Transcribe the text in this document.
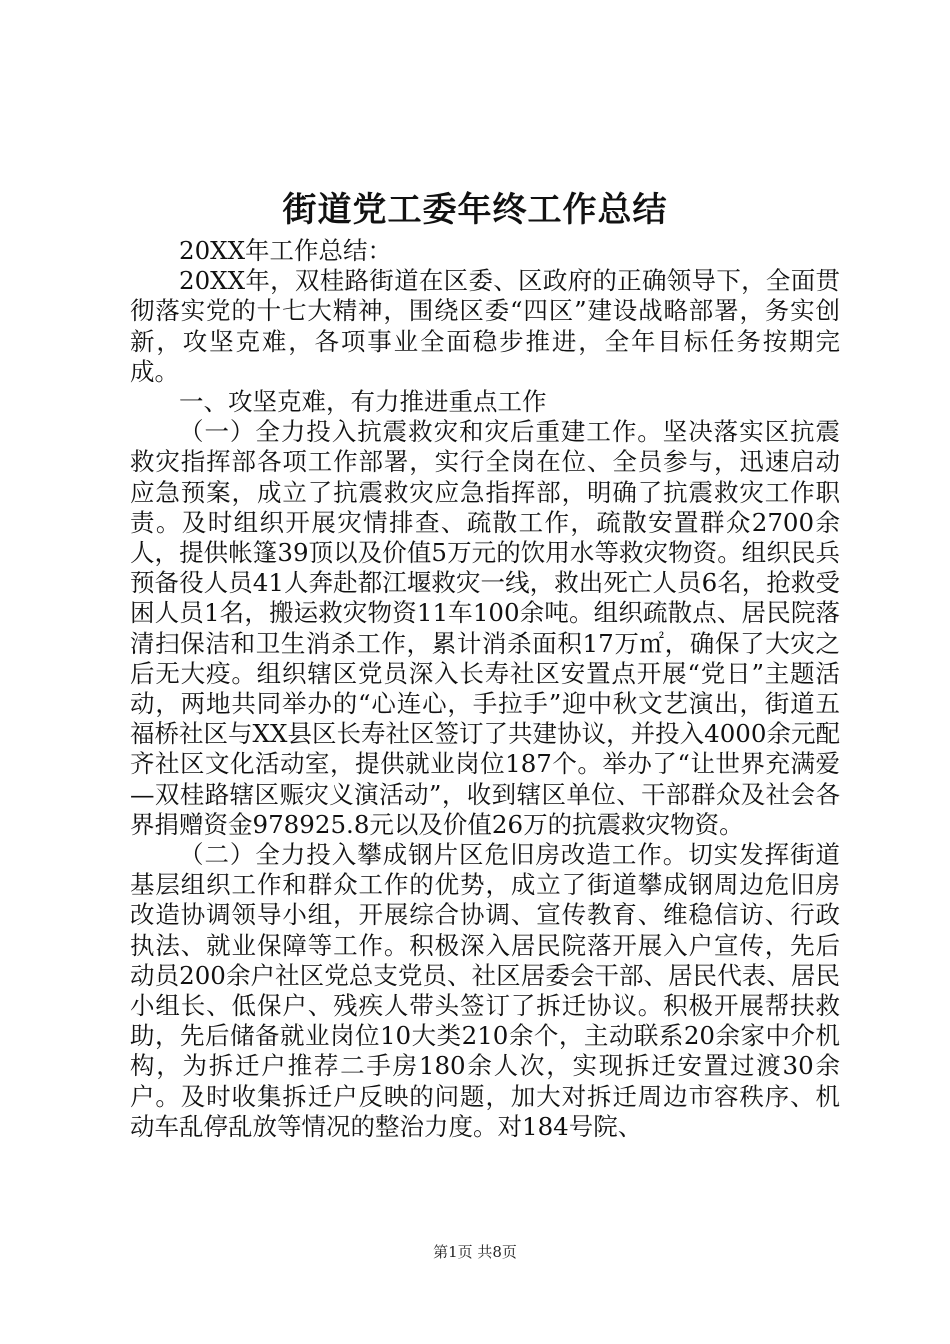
街道党工委年终工作总结

20XX年工作总结：

20XX年，双桂路街道在区委、区政府的正确领导下，全面贯彻落实党的十七大精神，围绕区委“四区”建设战略部署，务实创新，攻坚克难，各项事业全面稳步推进，全年目标任务按期完成。

一、攻坚克难，有力推进重点工作

（一）全力投入抗震救灾和灾后重建工作。坚决落实区抗震救灾指挥部各项工作部署，实行全岗在位、全员参与，迅速启动应急预案，成立了抗震救灾应急指挥部，明确了抗震救灾工作职责。及时组织开展灾情排查、疏散工作，疏散安置群众2700余人，提供帐篷39顶以及价值5万元的饮用水等救灾物资。组织民兵预备役人员41人奔赴都江堰救灾一线，救出死亡人员6名，抢救受困人员1名，搬运救灾物资11车100余吨。组织疏散点、居民院落清扫保洁和卫生消杀工作，累计消杀面积17万㎡，确保了大灾之后无大疫。组织辖区党员深入长寿社区安置点开展“党日”主题活动，两地共同举办的“心连心，手拉手”迎中秋文艺演出，街道五福桥社区与XX县区长寿社区签订了共建协议，并投入4000余元配齐社区文化活动室，提供就业岗位187个。举办了“让世界充满爱—双桂路辖区赈灾义演活动”，收到辖区单位、干部群众及社会各界捐赠资金978925.8元以及价值26万的抗震救灾物资。

（二）全力投入攀成钢片区危旧房改造工作。切实发挥街道基层组织工作和群众工作的优势，成立了街道攀成钢周边危旧房改造协调领导小组，开展综合协调、宣传教育、维稳信访、行政执法、就业保障等工作。积极深入居民院落开展入户宣传，先后动员200余户社区党总支党员、社区居委会干部、居民代表、居民小组长、低保户、残疾人带头签订了拆迁协议。积极开展帮扶救助，先后储备就业岗位10大类210余个，主动联系20余家中介机构，为拆迁户推荐二手房180余人次，实现拆迁安置过渡30余户。及时收集拆迁户反映的问题，加大对拆迁周边市容秩序、机动车乱停乱放等情况的整治力度。对184号院、

第1页 共8页
